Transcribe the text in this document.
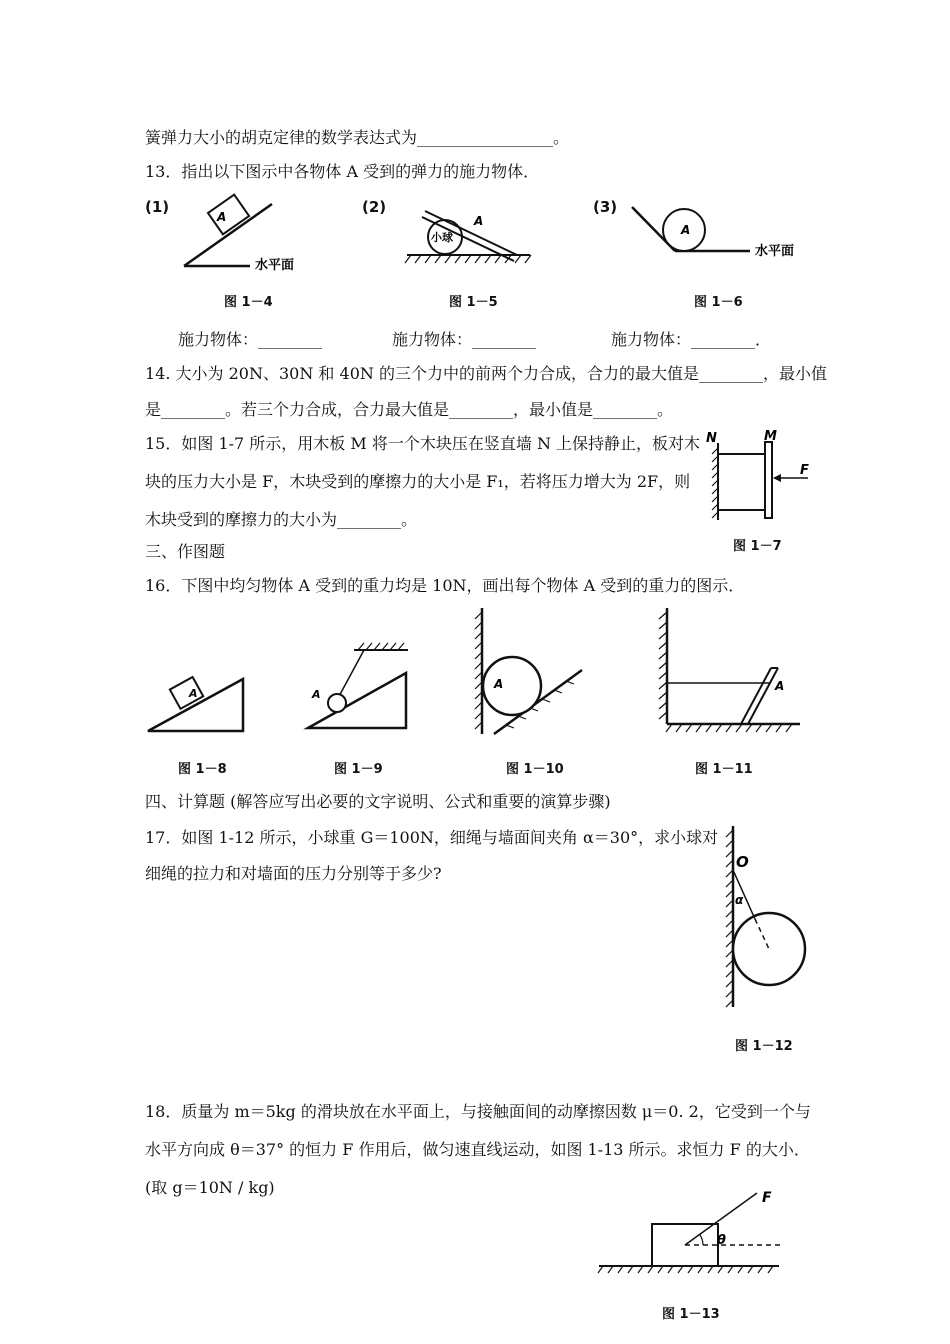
簧弹力大小的胡克定律的数学表达式为_________________。
13．指出以下图示中各物体 A 受到的弹力的施力物体．
(1)	(2)	(3)
A
水平面
图 1－4
小球
A
图 1－5
A
水平面
图 1－6
施力物体：________	施力物体：________	施力物体：________．
14. 大小为 20N、30N 和 40N 的三个力中的前两个力合成，合力的最大值是________，最小值
是________。若三个力合成，合力最大值是________，最小值是________。
15．如图 1-7 所示，用木板 M 将一个木块压在竖直墙 N 上保持静止，板对木
块的压力大小是 F，木块受到的摩擦力的大小是 F₁，若将压力增大为 2F，则
木块受到的摩擦力的大小为________。
N	M
F
图 1－7
三、作图题
16．下图中均匀物体 A 受到的重力均是 10N，画出每个物体 A 受到的重力的图示．
A
图 1－8
A
图 1－9
A
图 1－10
A
图 1－11
四、计算题 (解答应写出必要的文字说明、公式和重要的演算步骤)
17．如图 1-12 所示，小球重 G＝100N，细绳与墙面间夹角 α＝30°，求小球对
细绳的拉力和对墙面的压力分别等于多少?
O
α
图 1－12
18．质量为 m＝5kg 的滑块放在水平面上，与接触面间的动摩擦因数 μ＝0. 2，它受到一个与
水平方向成 θ＝37° 的恒力 F 作用后，做匀速直线运动，如图 1-13 所示。求恒力 F 的大小．
(取 g＝10N / kg)
F
θ
图 1－13
